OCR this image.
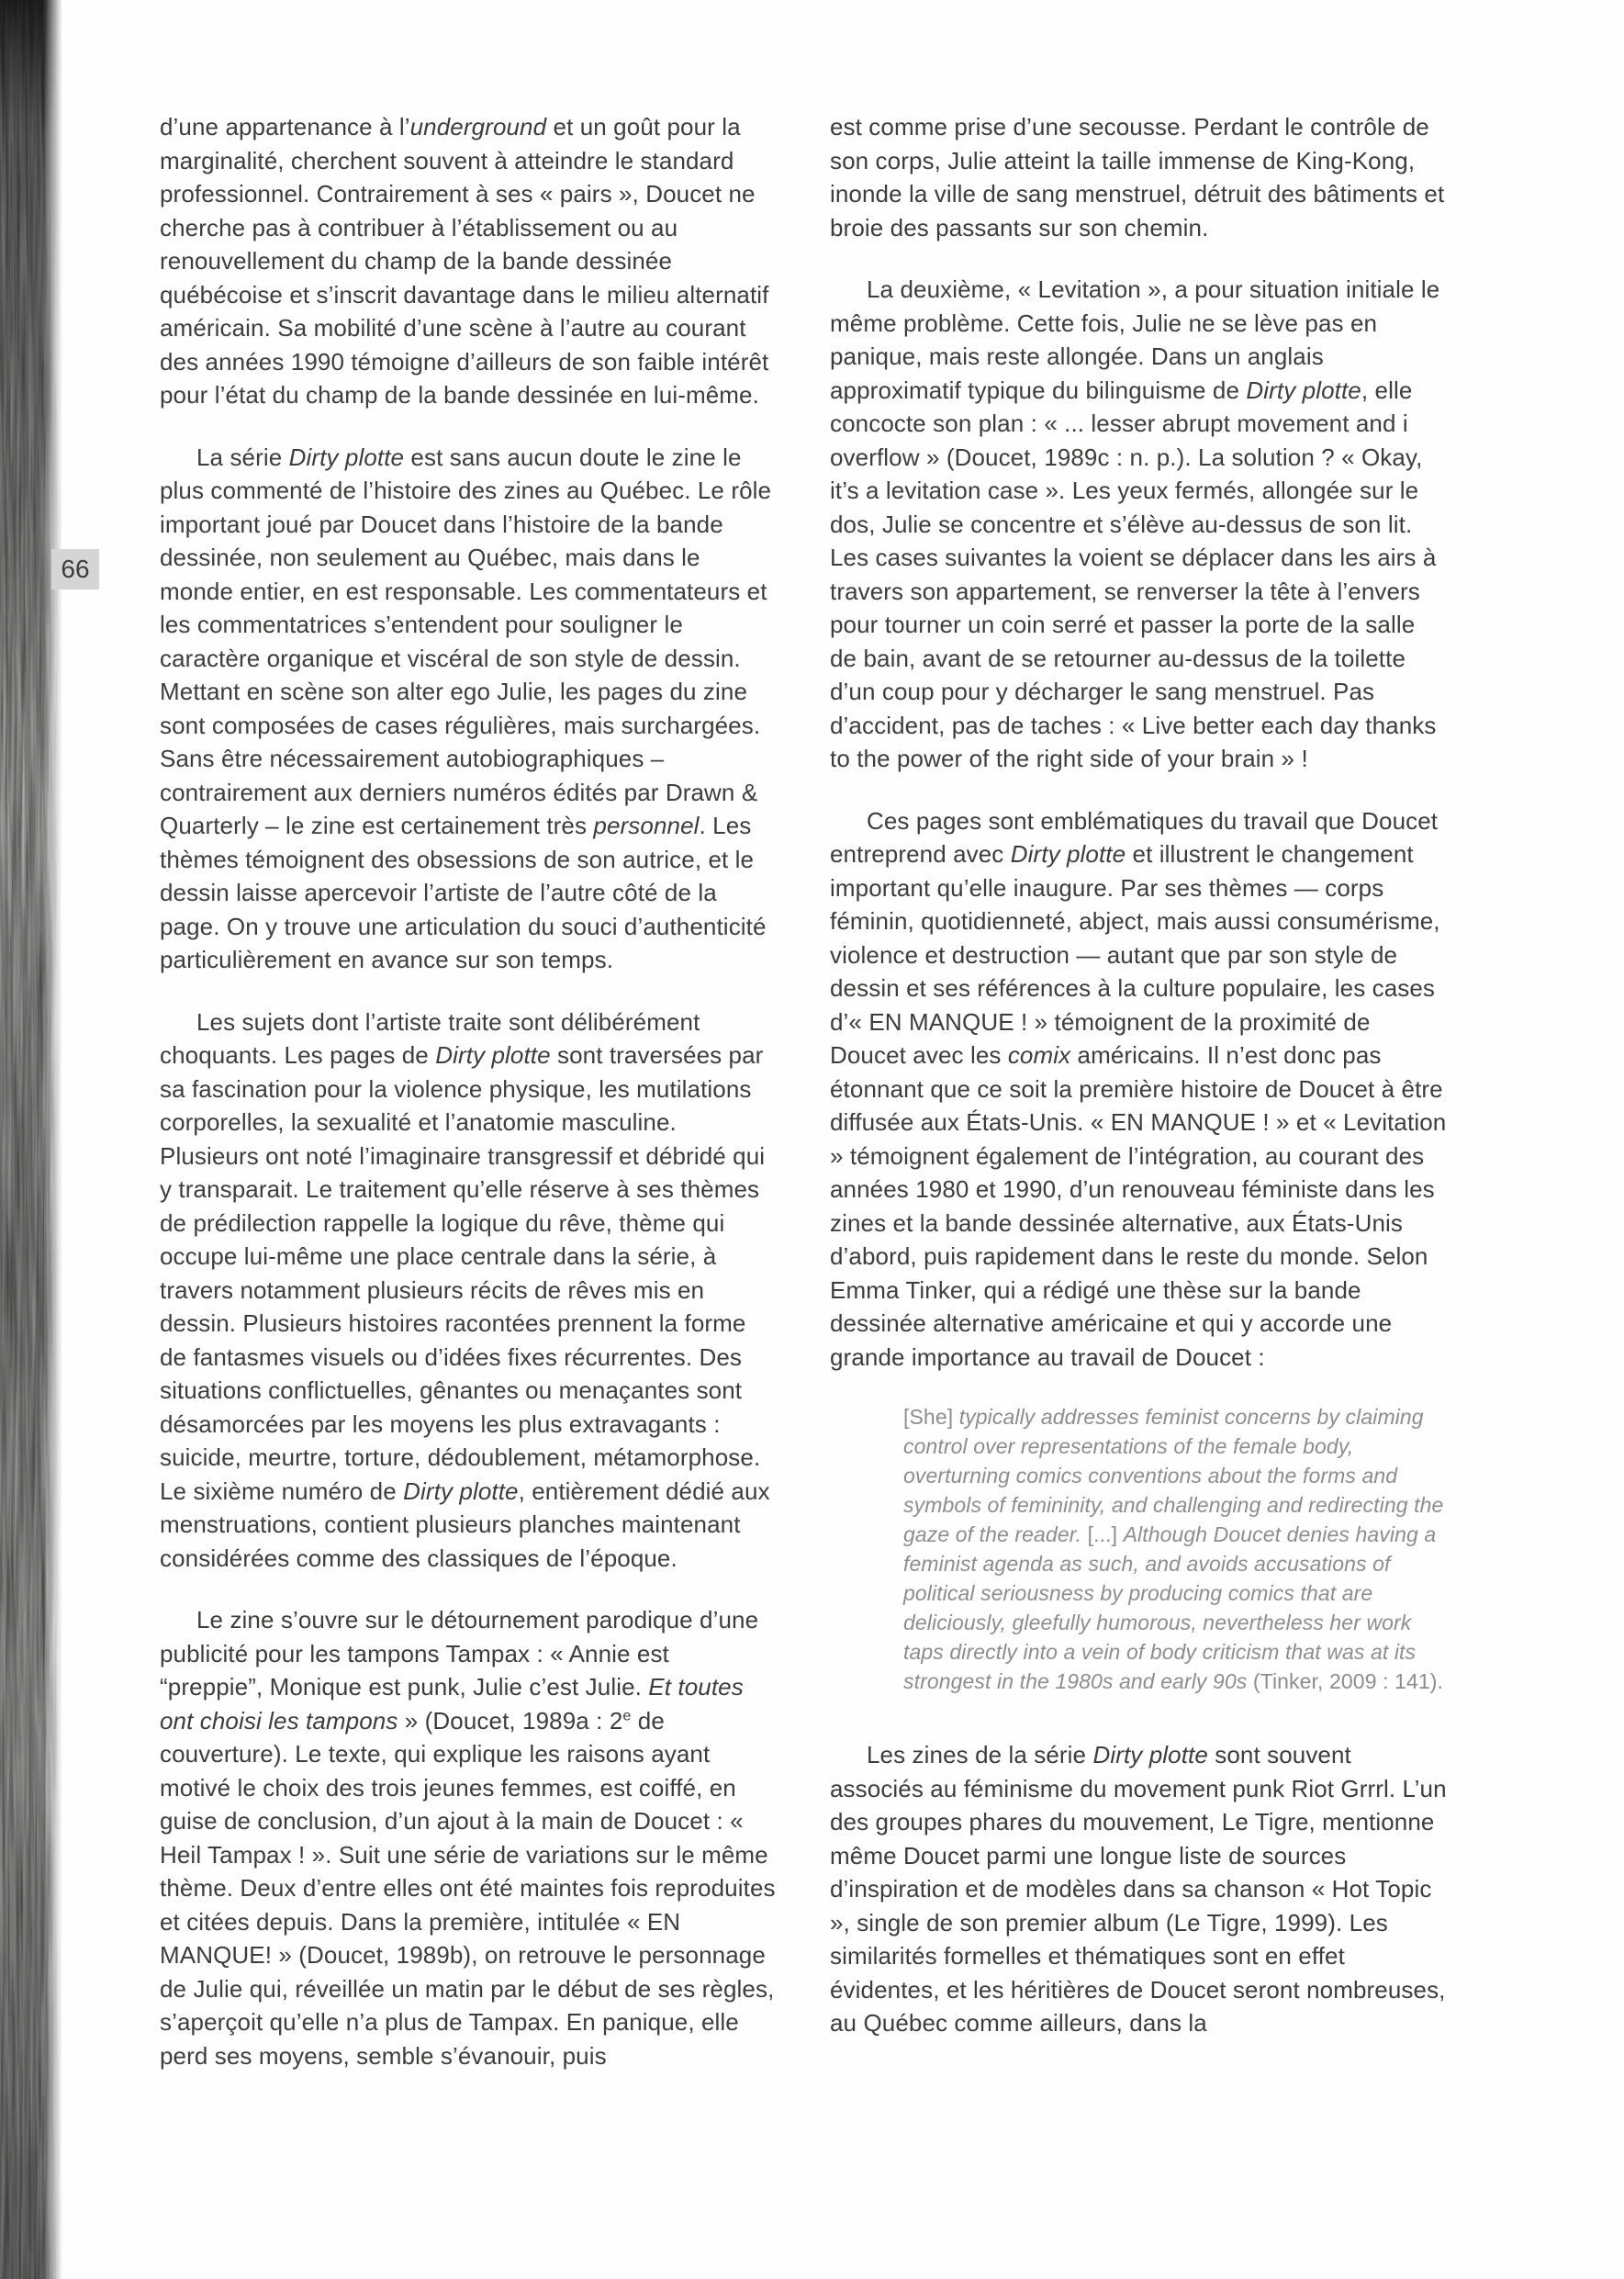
66

d’une appartenance à l’underground et un goût pour la marginalité, cherchent souvent à atteindre le standard professionnel. Contrairement à ses « pairs », Doucet ne cherche pas à contribuer à l’établissement ou au renouvellement du champ de la bande dessinée québécoise et s’inscrit davantage dans le milieu alternatif américain. Sa mobilité d’une scène à l’autre au courant des années 1990 témoigne d’ailleurs de son faible intérêt pour l’état du champ de la bande dessinée en lui-même.

La série Dirty plotte est sans aucun doute le zine le plus commenté de l’histoire des zines au Québec. Le rôle important joué par Doucet dans l’histoire de la bande dessinée, non seulement au Québec, mais dans le monde entier, en est responsable. Les commentateurs et les commentatrices s’entendent pour souligner le caractère organique et viscéral de son style de dessin. Mettant en scène son alter ego Julie, les pages du zine sont composées de cases régulières, mais surchargées. Sans être nécessairement autobiographiques – contrairement aux derniers numéros édités par Drawn & Quarterly – le zine est certainement très personnel. Les thèmes témoignent des obsessions de son autrice, et le dessin laisse apercevoir l’artiste de l’autre côté de la page. On y trouve une articulation du souci d’authenticité particulièrement en avance sur son temps.

Les sujets dont l’artiste traite sont délibérément choquants. Les pages de Dirty plotte sont traversées par sa fascination pour la violence physique, les mutilations corporelles, la sexualité et l’anatomie masculine. Plusieurs ont noté l’imaginaire transgressif et débridé qui y transparait. Le traitement qu’elle réserve à ses thèmes de prédilection rappelle la logique du rêve, thème qui occupe lui-même une place centrale dans la série, à travers notamment plusieurs récits de rêves mis en dessin. Plusieurs histoires racontées prennent la forme de fantasmes visuels ou d’idées fixes récurrentes. Des situations conflictuelles, gênantes ou menaçantes sont désamorcées par les moyens les plus extravagants : suicide, meurtre, torture, dédoublement, métamorphose. Le sixième numéro de Dirty plotte, entièrement dédié aux menstruations, contient plusieurs planches maintenant considérées comme des classiques de l’époque.

Le zine s’ouvre sur le détournement parodique d’une publicité pour les tampons Tampax : « Annie est “preppie”, Monique est punk, Julie c’est Julie. Et toutes ont choisi les tampons » (Doucet, 1989a : 2e de couverture). Le texte, qui explique les raisons ayant motivé le choix des trois jeunes femmes, est coiffé, en guise de conclusion, d’un ajout à la main de Doucet : « Heil Tampax ! ». Suit une série de variations sur le même thème. Deux d’entre elles ont été maintes fois reproduites et citées depuis. Dans la première, intitulée « EN MANQUE! » (Doucet, 1989b), on retrouve le personnage de Julie qui, réveillée un matin par le début de ses règles, s’aperçoit qu’elle n’a plus de Tampax. En panique, elle perd ses moyens, semble s’évanouir, puis

est comme prise d’une secousse. Perdant le contrôle de son corps, Julie atteint la taille immense de King-Kong, inonde la ville de sang menstruel, détruit des bâtiments et broie des passants sur son chemin.

La deuxième, « Levitation », a pour situation initiale le même problème. Cette fois, Julie ne se lève pas en panique, mais reste allongée. Dans un anglais approximatif typique du bilinguisme de Dirty plotte, elle concocte son plan : « ... lesser abrupt movement and i overflow » (Doucet, 1989c : n. p.). La solution ? « Okay, it’s a levitation case ». Les yeux fermés, allongée sur le dos, Julie se concentre et s’élève au-dessus de son lit. Les cases suivantes la voient se déplacer dans les airs à travers son appartement, se renverser la tête à l’envers pour tourner un coin serré et passer la porte de la salle de bain, avant de se retourner au-dessus de la toilette d’un coup pour y décharger le sang menstruel. Pas d’accident, pas de taches : « Live better each day thanks to the power of the right side of your brain » !

Ces pages sont emblématiques du travail que Doucet entreprend avec Dirty plotte et illustrent le changement important qu’elle inaugure. Par ses thèmes — corps féminin, quotidienneté, abject, mais aussi consumérisme, violence et destruction — autant que par son style de dessin et ses références à la culture populaire, les cases d’« EN MANQUE ! » témoignent de la proximité de Doucet avec les comix américains. Il n’est donc pas étonnant que ce soit la première histoire de Doucet à être diffusée aux États-Unis. « EN MANQUE ! » et « Levitation » témoignent également de l’intégration, au courant des années 1980 et 1990, d’un renouveau féministe dans les zines et la bande dessinée alternative, aux États-Unis d’abord, puis rapidement dans le reste du monde. Selon Emma Tinker, qui a rédigé une thèse sur la bande dessinée alternative américaine et qui y accorde une grande importance au travail de Doucet :

[She] typically addresses feminist concerns by claiming control over representations of the female body, overturning comics conventions about the forms and symbols of femininity, and challenging and redirecting the gaze of the reader. [...] Although Doucet denies having a feminist agenda as such, and avoids accusations of political seriousness by producing comics that are deliciously, gleefully humorous, nevertheless her work taps directly into a vein of body criticism that was at its strongest in the 1980s and early 90s (Tinker, 2009 : 141).

Les zines de la série Dirty plotte sont souvent associés au féminisme du movement punk Riot Grrrl. L’un des groupes phares du mouvement, Le Tigre, mentionne même Doucet parmi une longue liste de sources d’inspiration et de modèles dans sa chanson « Hot Topic », single de son premier album (Le Tigre, 1999). Les similarités formelles et thématiques sont en effet évidentes, et les héritières de Doucet seront nombreuses, au Québec comme ailleurs, dans la
